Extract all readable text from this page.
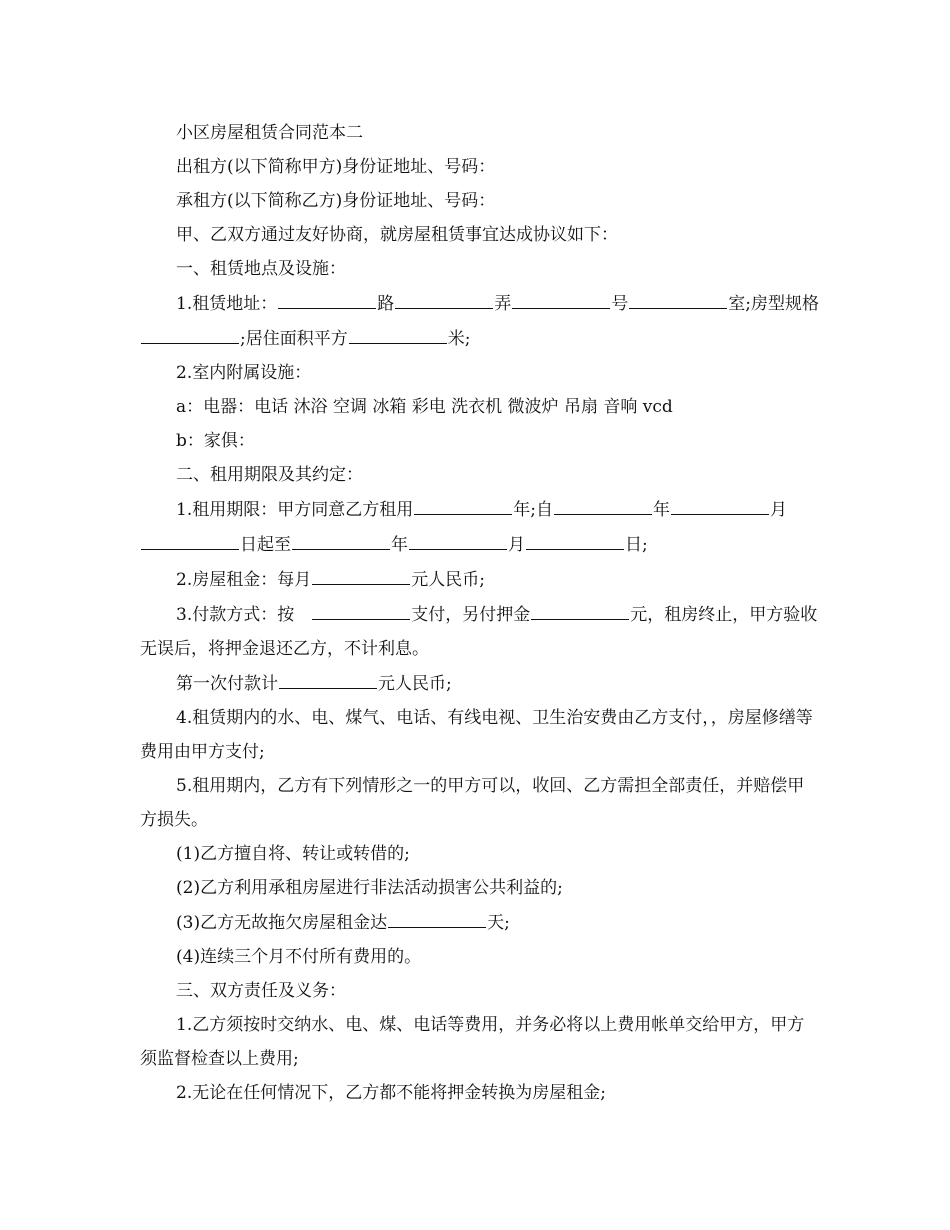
小区房屋租赁合同范本二

出租方(以下简称甲方)身份证地址、号码：

承租方(以下简称乙方)身份证地址、号码：

甲、乙双方通过友好协商，就房屋租赁事宜达成协议如下：

一、租赁地点及设施：

1.租赁地址：	路	弄	号	室;房型规格;居住面积平方	米;

2.室内附属设施：

a：电器：电话 沐浴 空调 冰箱 彩电 洗衣机 微波炉 吊扇 音响 vcd

b：家俱：

二、租用期限及其约定：

1.租用期限：甲方同意乙方租用	年;自	年	月日起至	年	月	日;

2.房屋租金：每月	元人民币;

3.付款方式：按　	支付，另付押金	元，租房终止，甲方验收无误后，将押金退还乙方，不计利息。

第一次付款计	元人民币;

4.租赁期内的水、电、煤气、电话、有线电视、卫生治安费由乙方支付，，房屋修缮等费用由甲方支付;

5.租用期内，乙方有下列情形之一的甲方可以，收回、乙方需担全部责任，并赔偿甲方损失。

(1)乙方擅自将、转让或转借的;

(2)乙方利用承租房屋进行非法活动损害公共利益的;

(3)乙方无故拖欠房屋租金达	天;

(4)连续三个月不付所有费用的。

三、双方责任及义务：

1.乙方须按时交纳水、电、煤、电话等费用，并务必将以上费用帐单交给甲方，甲方须监督检查以上费用;

2.无论在任何情况下，乙方都不能将押金转换为房屋租金;
